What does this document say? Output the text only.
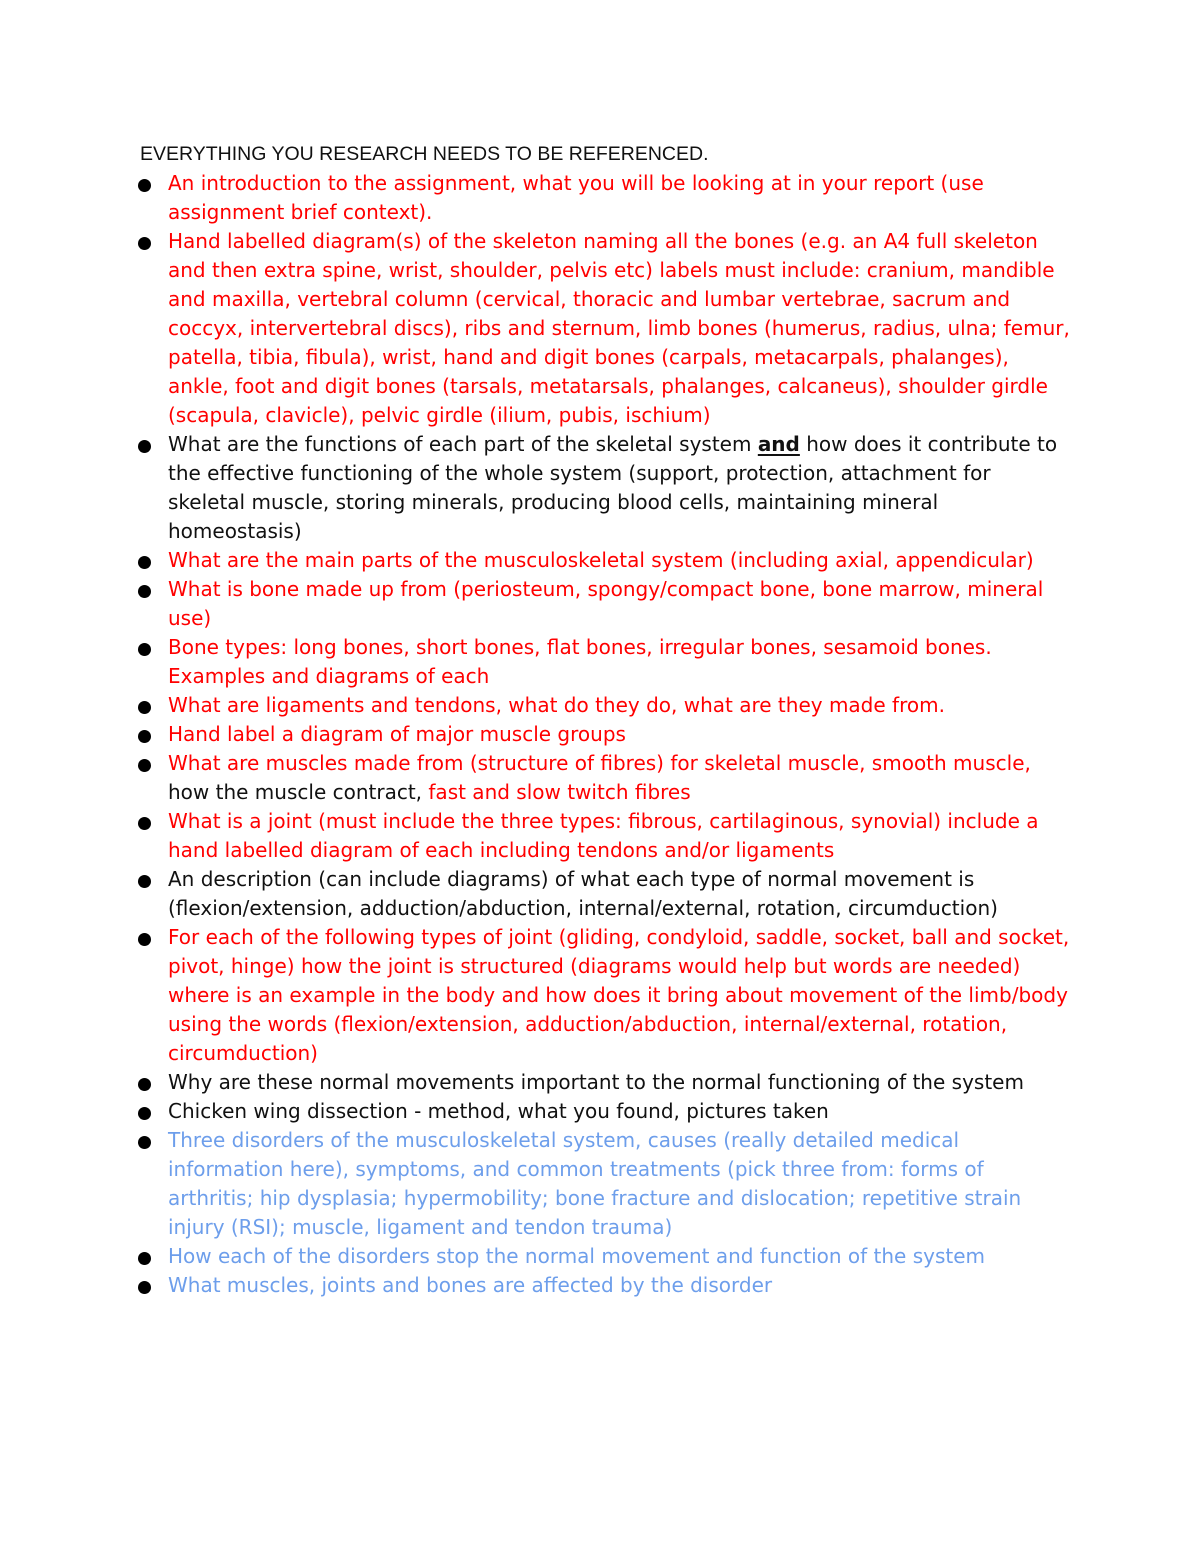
EVERYTHING YOU RESEARCH NEEDS TO BE REFERENCED.
An introduction to the assignment, what you will be looking at in your report (use assignment brief context).
Hand labelled diagram(s) of the skeleton naming all the bones (e.g. an A4 full skeleton and then extra spine, wrist, shoulder, pelvis etc) labels must include: cranium, mandible and maxilla, vertebral column (cervical, thoracic and lumbar vertebrae, sacrum and coccyx, intervertebral discs), ribs and sternum, limb bones (humerus, radius, ulna; femur, patella, tibia, fibula), wrist, hand and digit bones (carpals, metacarpals, phalanges), ankle, foot and digit bones (tarsals, metatarsals, phalanges, calcaneus), shoulder girdle (scapula, clavicle), pelvic girdle (ilium, pubis, ischium)
What are the functions of each part of the skeletal system and how does it contribute to the effective functioning of the whole system (support, protection, attachment for skeletal muscle, storing minerals, producing blood cells, maintaining mineral homeostasis)
What are the main parts of the musculoskeletal system (including axial, appendicular)
What is bone made up from (periosteum, spongy/compact bone, bone marrow, mineral use)
Bone types: long bones, short bones, flat bones, irregular bones, sesamoid bones. Examples and diagrams of each
What are ligaments and tendons, what do they do, what are they made from.
Hand label a diagram of major muscle groups
What are muscles made from (structure of fibres) for skeletal muscle, smooth muscle, how the muscle contract, fast and slow twitch fibres
What is a joint (must include the three types: fibrous, cartilaginous, synovial) include a hand labelled diagram of each including tendons and/or ligaments
An description (can include diagrams) of what each type of normal movement is (flexion/extension, adduction/abduction, internal/external, rotation, circumduction)
For each of the following types of joint (gliding, condyloid, saddle, socket, ball and socket, pivot, hinge) how the joint is structured (diagrams would help but words are needed) where is an example in the body and how does it bring about movement of the limb/body using the words (flexion/extension, adduction/abduction, internal/external, rotation, circumduction)
Why are these normal movements important to the normal functioning of the system
Chicken wing dissection - method, what you found, pictures taken
Three disorders of the musculoskeletal system, causes (really detailed medical information here), symptoms, and common treatments (pick three from: forms of arthritis; hip dysplasia; hypermobility; bone fracture and dislocation; repetitive strain injury (RSI); muscle, ligament and tendon trauma)
How each of the disorders stop the normal movement and function of the system
What muscles, joints and bones are affected by the disorder
